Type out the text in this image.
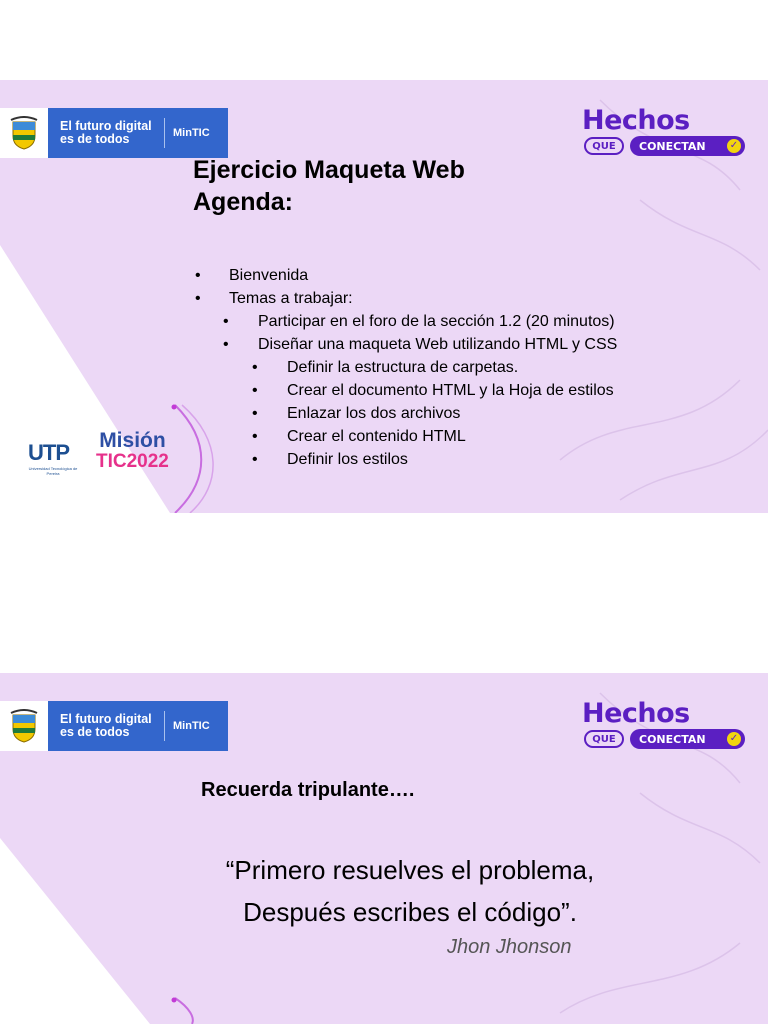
El futuro digital
es de todos	MinTIC	Hechos
QUE	CONECTAN ✓
Ejercicio Maqueta Web
Agenda:
• Bienvenida
• Temas a trabajar:
• Participar en el foro de la sección 1.2 (20 minutos)
• Diseñar una maqueta Web utilizando HTML y CSS
• Definir la estructura de carpetas.
• Crear el documento HTML y la Hoja de estilos
• Enlazar los dos archivos
• Crear el contenido HTML
• Definir los estilos
UTP
Universidad Tecnológica de Pereira
Misión
TIC2022
El futuro digital
es de todos	MinTIC	Hechos
QUE	CONECTAN ✓
Recuerda tripulante….
“Primero resuelves el problema,
Después escribes el código”.
Jhon Jhonson
